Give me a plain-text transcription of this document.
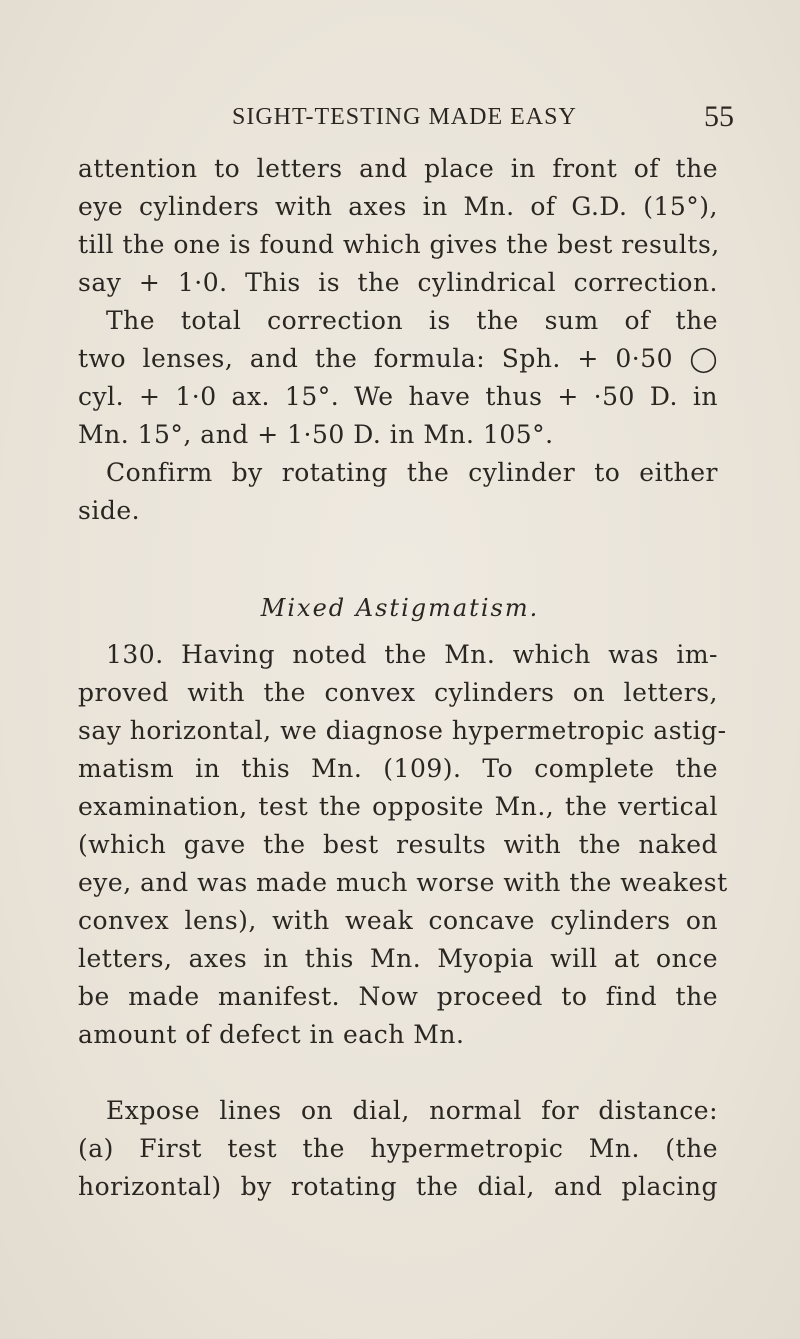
SIGHT-TESTING MADE EASY	55
attention to letters and place in front of the
eye cylinders with axes in Mn. of G.D. (15°),
till the one is found which gives the best results,
say + 1·0. This is the cylindrical correction.
The total correction is the sum of the
two lenses, and the formula: Sph. + 0·50 ◯
cyl. + 1·0 ax. 15°. We have thus + ·50 D. in
Mn. 15°, and + 1·50 D. in Mn. 105°.
Confirm by rotating the cylinder to either
side.
Mixed Astigmatism.
130. Having noted the Mn. which was im-
proved with the convex cylinders on letters,
say horizontal, we diagnose hypermetropic astig-
matism in this Mn. (109). To complete the
examination, test the opposite Mn., the vertical
(which gave the best results with the naked
eye, and was made much worse with the weakest
convex lens), with weak concave cylinders on
letters, axes in this Mn. Myopia will at once
be made manifest. Now proceed to find the
amount of defect in each Mn.
Expose lines on dial, normal for distance:
(a) First test the hypermetropic Mn. (the
horizontal) by rotating the dial, and placing
